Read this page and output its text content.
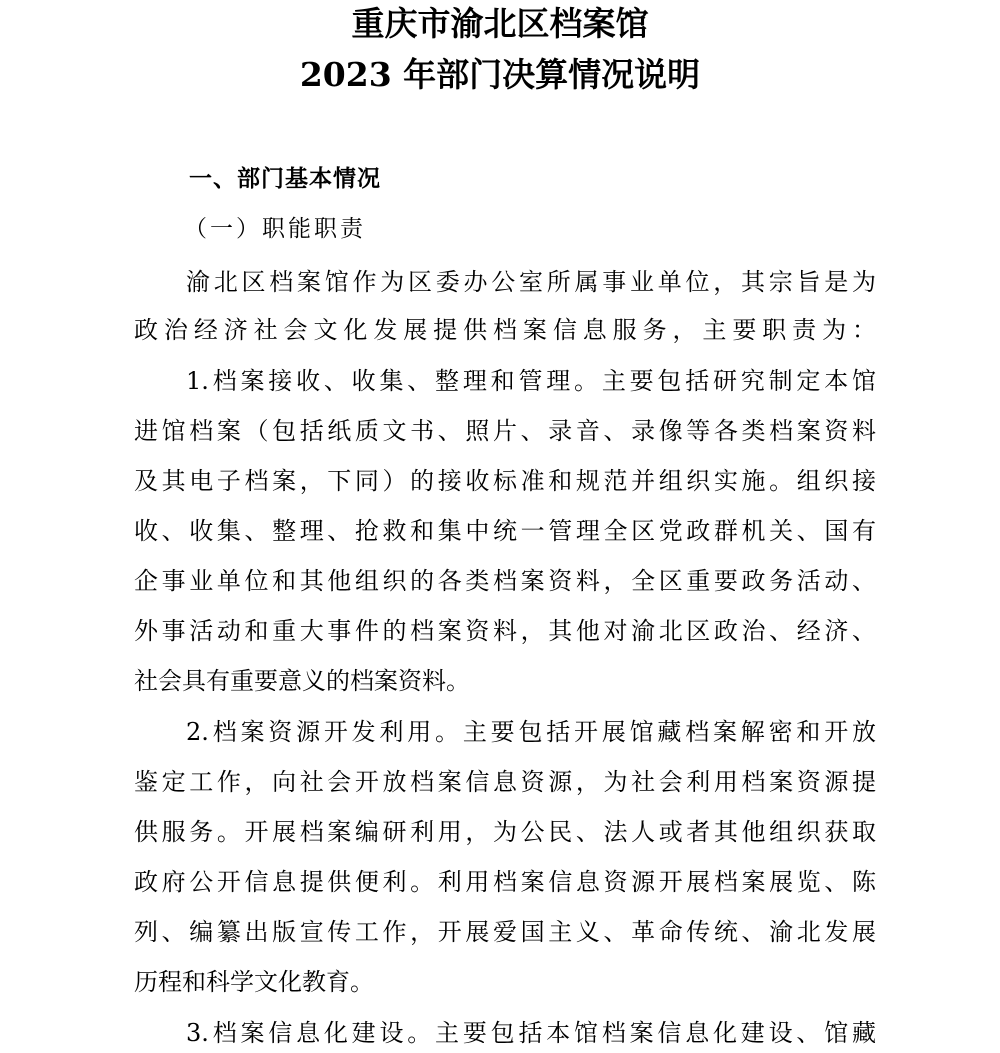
重庆市渝北区档案馆
2023 年部门决算情况说明
一、部门基本情况
（一）职能职责
渝北区档案馆作为区委办公室所属事业单位，其宗旨是为
政治经济社会文化发展提供档案信息服务，主要职责为：
1.档案接收、收集、整理和管理。主要包括研究制定本馆
进馆档案（包括纸质文书、照片、录音、录像等各类档案资料
及其电子档案，下同）的接收标准和规范并组织实施。组织接
收、收集、整理、抢救和集中统一管理全区党政群机关、国有
企事业单位和其他组织的各类档案资料，全区重要政务活动、
外事活动和重大事件的档案资料，其他对渝北区政治、经济、
社会具有重要意义的档案资料。
2.档案资源开发利用。主要包括开展馆藏档案解密和开放
鉴定工作，向社会开放档案信息资源，为社会利用档案资源提
供服务。开展档案编研利用，为公民、法人或者其他组织获取
政府公开信息提供便利。利用档案信息资源开展档案展览、陈
列、编纂出版宣传工作，开展爱国主义、革命传统、渝北发展
历程和科学文化教育。
3.档案信息化建设。主要包括本馆档案信息化建设、馆藏
